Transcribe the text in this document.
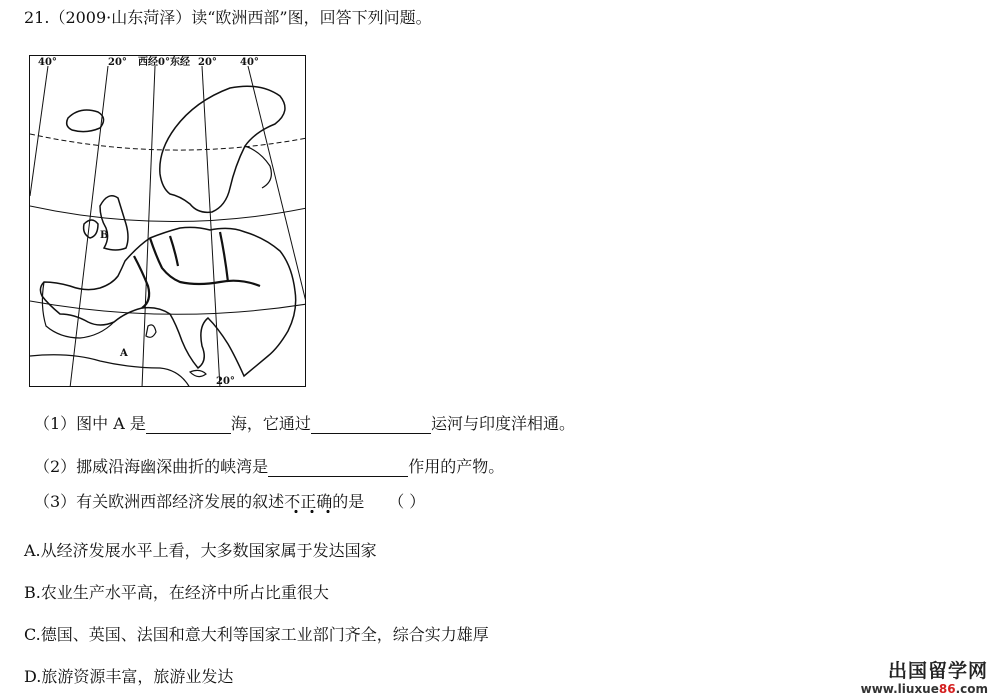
21.（2009·山东菏泽）读“欧洲西部”图，回答下列问题。
40°	20° 西经0° 东经 20° 40°
20°
A
B
（1）图中 A 是	海，它通过	运河与印度洋相通。
（2）挪威沿海幽深曲折的峡湾是	作用的产物。
（3）有关欧洲西部经济发展的叙述不正确的是 （ ）
A.从经济发展水平上看，大多数国家属于发达国家
B.农业生产水平高，在经济中所占比重很大
C.德国、英国、法国和意大利等国家工业部门齐全，综合实力雄厚
D.旅游资源丰富，旅游业发达	出国留学网
www.liuxue86.com
